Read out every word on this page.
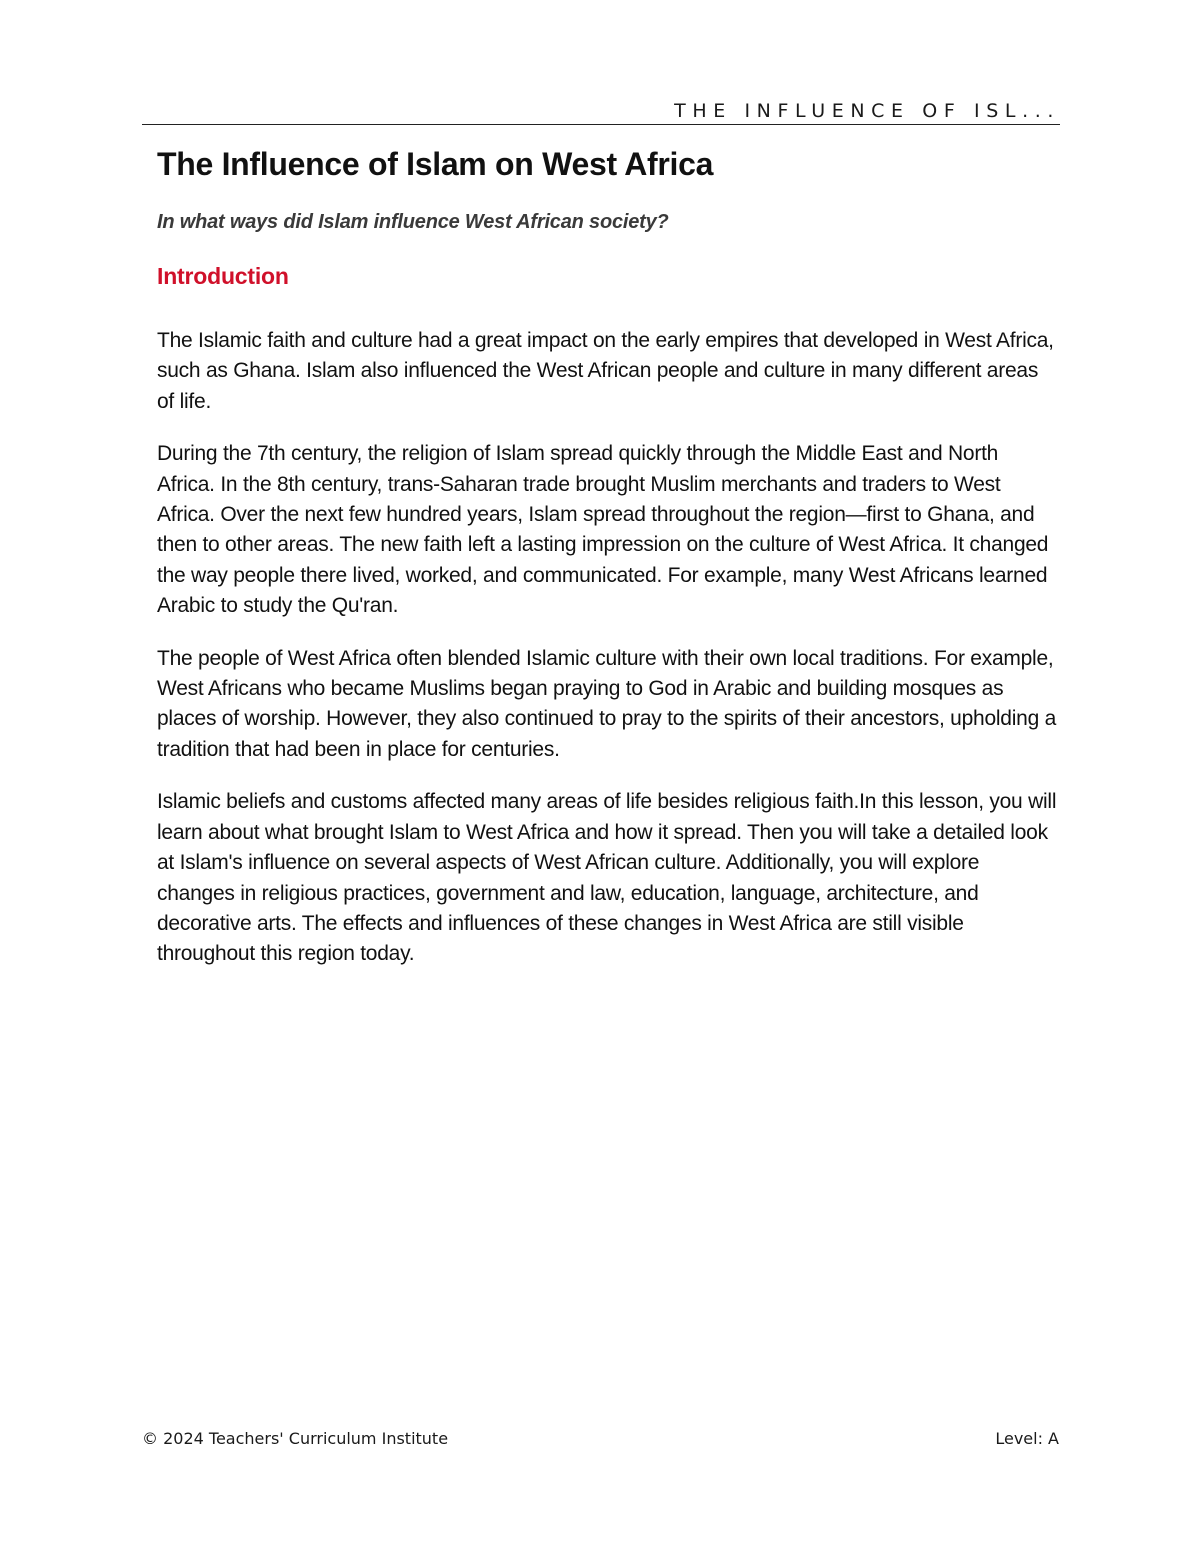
THE INFLUENCE OF ISL...
The Influence of Islam on West Africa

In what ways did Islam influence West African society?

Introduction

The Islamic faith and culture had a great impact on the early empires that developed in West Africa, such as Ghana. Islam also influenced the West African people and culture in many different areas of life.

During the 7th century, the religion of Islam spread quickly through the Middle East and North Africa. In the 8th century, trans-Saharan trade brought Muslim merchants and traders to West Africa. Over the next few hundred years, Islam spread throughout the region—first to Ghana, and then to other areas. The new faith left a lasting impression on the culture of West Africa. It changed the way people there lived, worked, and communicated. For example, many West Africans learned Arabic to study the Qu'ran.

The people of West Africa often blended Islamic culture with their own local traditions. For example, West Africans who became Muslims began praying to God in Arabic and building mosques as places of worship. However, they also continued to pray to the spirits of their ancestors, upholding a tradition that had been in place for centuries.

Islamic beliefs and customs affected many areas of life besides religious faith.In this lesson, you will learn about what brought Islam to West Africa and how it spread. Then you will take a detailed look at Islam's influence on several aspects of West African culture. Additionally, you will explore changes in religious practices, government and law, education, language, architecture, and decorative arts. The effects and influences of these changes in West Africa are still visible throughout this region today.

© 2024 Teachers' Curriculum Institute	Level: A
